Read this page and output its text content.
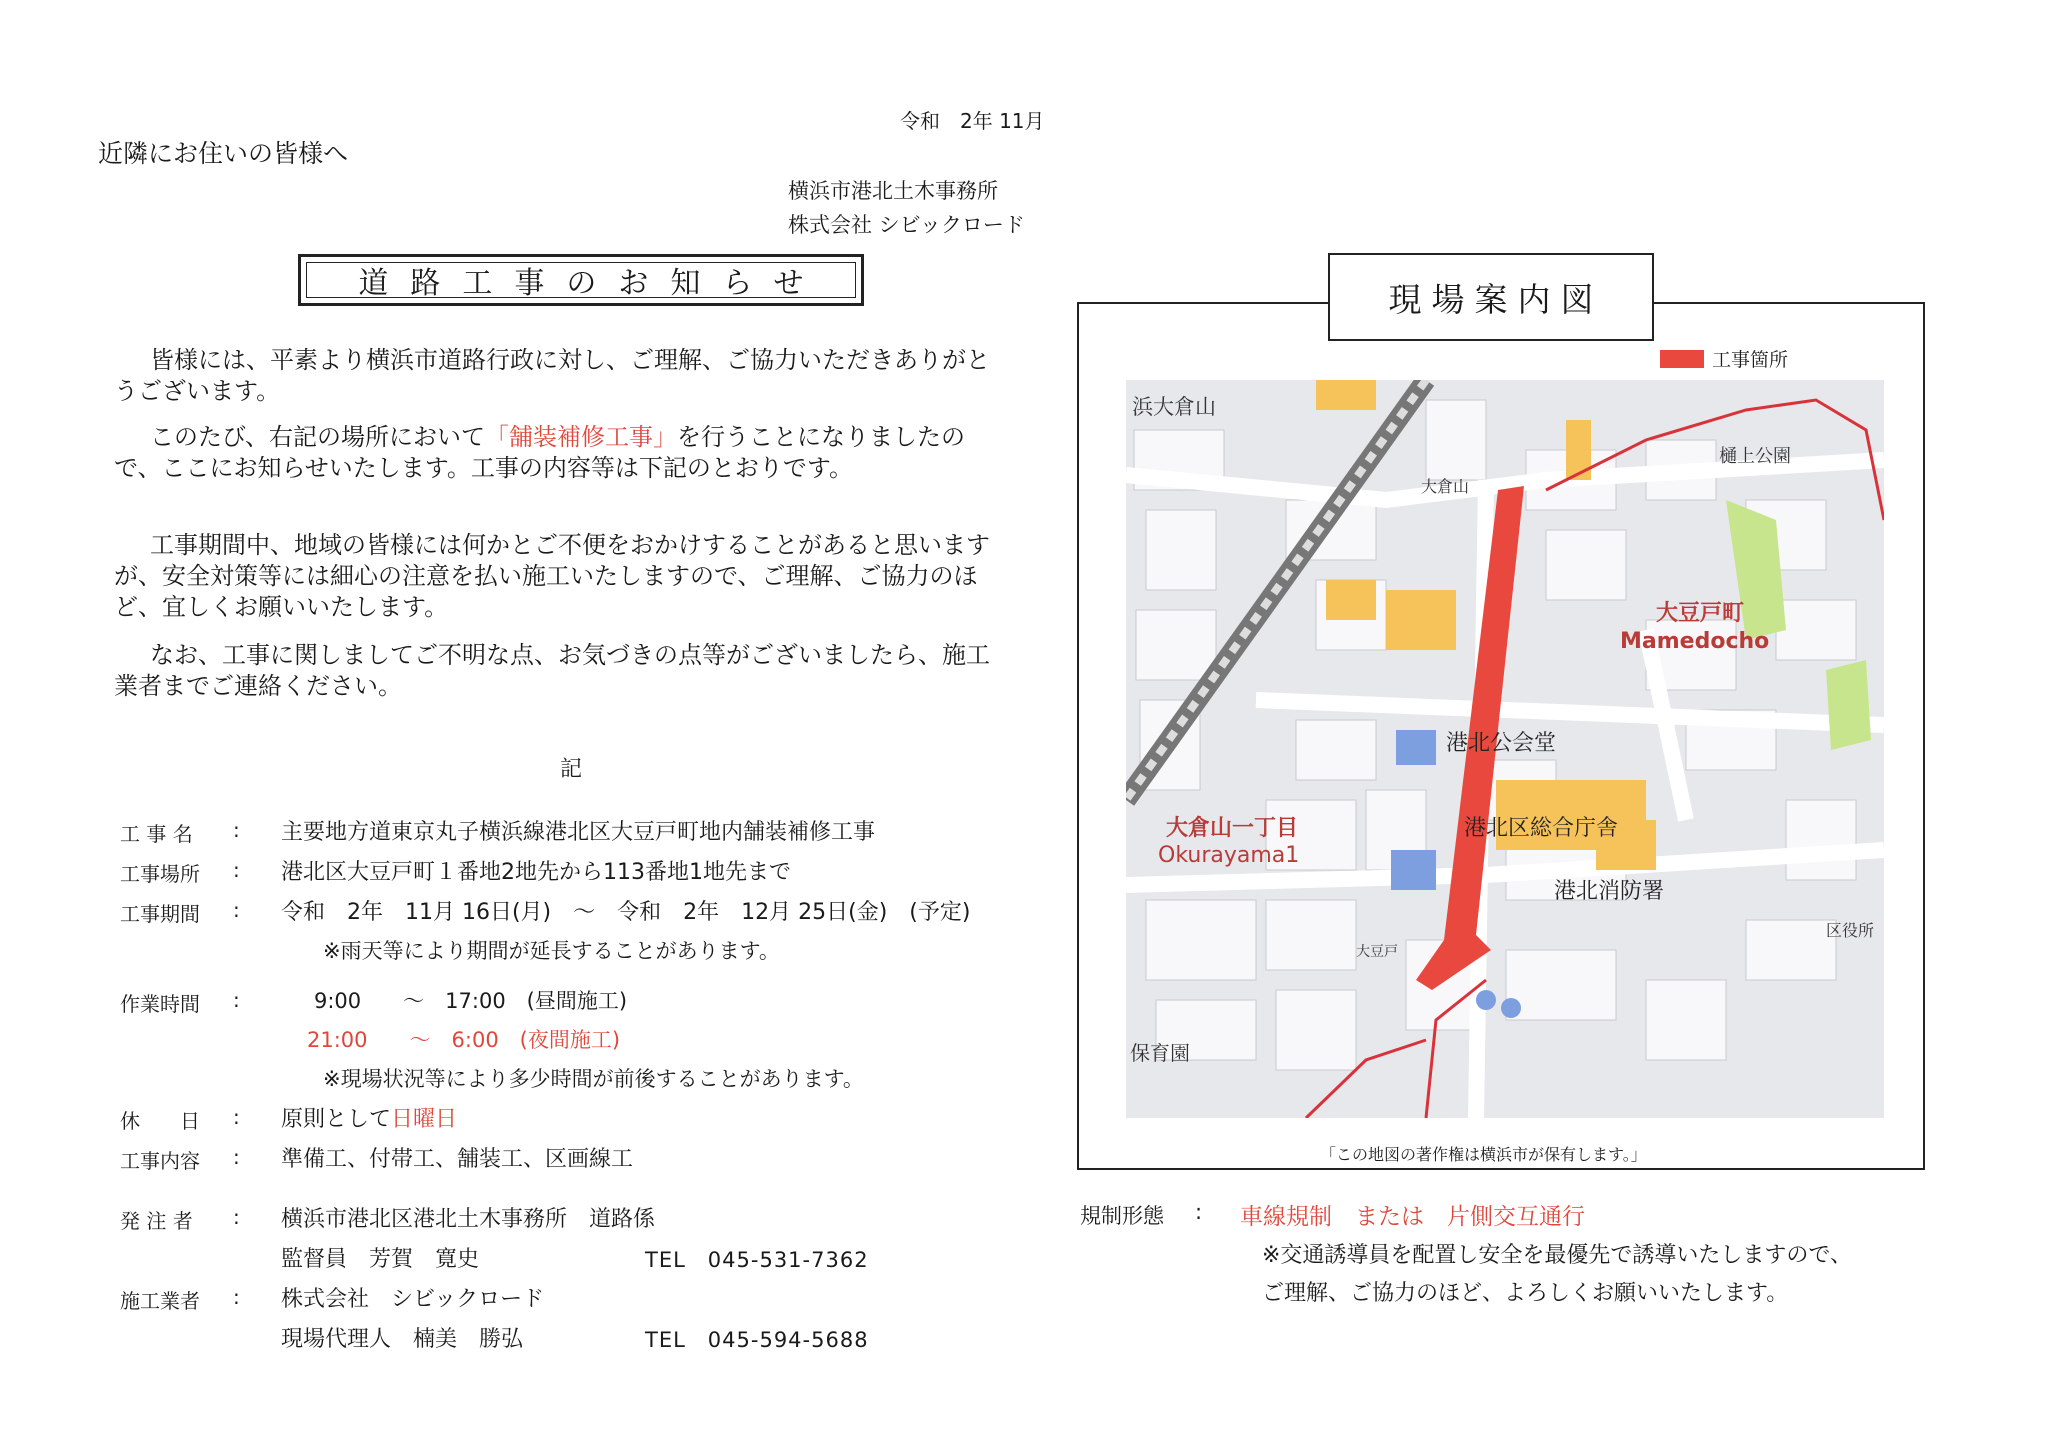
令和　2年 11月
近隣にお住いの皆様へ
横浜市港北土木事務所
株式会社 シビックロード
道路工事のお知らせ
皆様には、平素より横浜市道路行政に対し、ご理解、ご協力いただきありがとうございます。
このたび、右記の場所において「舗装補修工事」を行うことになりましたので、ここにお知らせいたします。工事の内容等は下記のとおりです。
工事期間中、地域の皆様には何かとご不便をおかけすることがあると思いますが、安全対策等には細心の注意を払い施工いたしますので、ご理解、ご協力のほど、宜しくお願いいたします。
なお、工事に関しましてご不明な点、お気づきの点等がございましたら、施工業者までご連絡ください。
記
工 事 名 : 主要地方道東京丸子横浜線港北区大豆戸町地内舗装補修工事
工事場所 : 港北区大豆戸町１番地2地先から113番地1地先まで
工事期間 : 令和　2年　11月 16日(月)　～　令和　2年　12月 25日(金)　(予定)
※雨天等により期間が延長することがあります。
作業時間 :	9:00　　～　17:00　(昼間施工)
21:00　　～　6:00　(夜間施工)
※現場状況等により多少時間が前後することがあります。
休　　日 : 原則として日曜日
工事内容 : 準備工、付帯工、舗装工、区画線工
発 注 者 : 横浜市港北区港北土木事務所　道路係
監督員　芳賀　寛史	TEL　045-531-7362
施工業者 : 株式会社　シビックロード
現場代理人　楠美　勝弘	TEL　045-594-5688
現場案内図
工事箇所
浜大倉山
大倉山
樋上公園
大豆戸町
Mamedocho
港北公会堂
港北区総合庁舎
大倉山一丁目
Okurayama1
港北消防署
大豆戸
保育園
区役所
「この地図の著作権は横浜市が保有します。」
規制形態 : 車線規制　または　片側交互通行
※交通誘導員を配置し安全を最優先で誘導いたしますので、
ご理解、ご協力のほど、よろしくお願いいたします。
